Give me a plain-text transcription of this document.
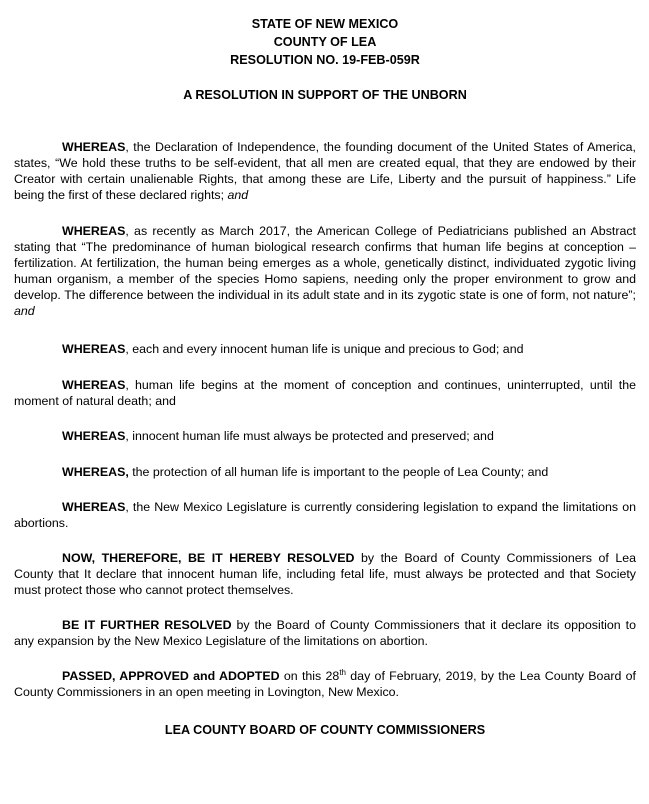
STATE OF NEW MEXICO
COUNTY OF LEA
RESOLUTION NO. 19-FEB-059R
A RESOLUTION IN SUPPORT OF THE UNBORN

WHEREAS, the Declaration of Independence, the founding document of the United States of America, states, “We hold these truths to be self-evident, that all men are created equal, that they are endowed by their Creator with certain unalienable Rights, that among these are Life, Liberty and the pursuit of happiness.” Life being the first of these declared rights; and

WHEREAS, as recently as March 2017, the American College of Pediatricians published an Abstract stating that “The predominance of human biological research confirms that human life begins at conception – fertilization. At fertilization, the human being emerges as a whole, genetically distinct, individuated zygotic living human organism, a member of the species Homo sapiens, needing only the proper environment to grow and develop. The difference between the individual in its adult state and in its zygotic state is one of form, not nature”; and

WHEREAS, each and every innocent human life is unique and precious to God; and

WHEREAS, human life begins at the moment of conception and continues, uninterrupted, until the moment of natural death; and

WHEREAS, innocent human life must always be protected and preserved; and

WHEREAS, the protection of all human life is important to the people of Lea County; and

WHEREAS, the New Mexico Legislature is currently considering legislation to expand the limitations on abortions.

NOW, THEREFORE, BE IT HEREBY RESOLVED by the Board of County Commissioners of Lea County that It declare that innocent human life, including fetal life, must always be protected and that Society must protect those who cannot protect themselves.

BE IT FURTHER RESOLVED by the Board of County Commissioners that it declare its opposition to any expansion by the New Mexico Legislature of the limitations on abortion.

PASSED, APPROVED and ADOPTED on this 28th day of February, 2019, by the Lea County Board of County Commissioners in an open meeting in Lovington, New Mexico.

LEA COUNTY BOARD OF COUNTY COMMISSIONERS
